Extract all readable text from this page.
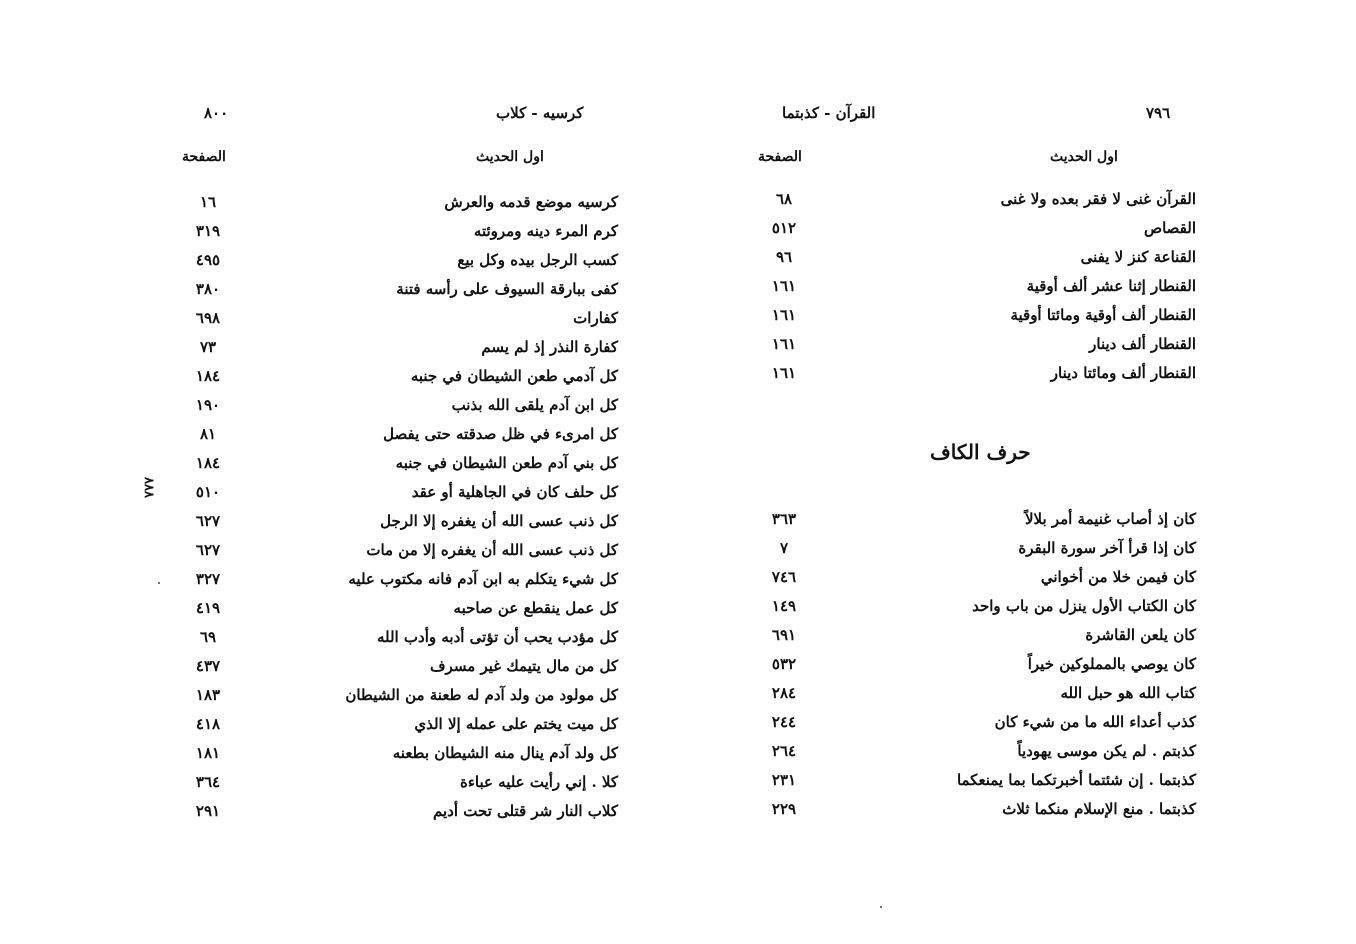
٧٩٦
القرآن - كذبتما
اول الحديث
الصفحة
القرآن غنى لا فقر بعده ولا غنى
٦٨
القصاص
٥١٢
القناعة كنز لا يفنى
٩٦
القنطار إثنا عشر ألف أوقية
١٦١
القنطار ألف أوقية ومائتا أوقية
١٦١
القنطار ألف دينار
١٦١
القنطار ألف ومائتا دينار
١٦١
حرف الكاف
كان إذ أصاب غنيمة أمر بلالاً
٣٦٣
كان إذا قرأ آخر سورة البقرة
٧
كان فيمن خلا من أخواني
٧٤٦
كان الكتاب الأول ينزل من باب واحد
١٤٩
كان يلعن القاشرة
٦٩١
كان يوصي بالمملوكين خيراً
٥٣٢
كتاب الله هو حبل الله
٢٨٤
كذب أعداء الله ما من شيء كان
٢٤٤
كذبتم . لم يكن موسى يهودياً
٢٦٤
كذبتما . إن شئتما أخبرتكما بما يمنعكما
٢٣١
كذبتما . منع الإسلام منكما ثلاث
٢٢٩
٨٠٠	كرسيه - كلاب
اول الحديث
الصفحة
كرسيه موضع قدمه والعرش
١٦
كرم المرء دينه ومروئته
٣١٩
كسب الرجل بيده وكل بيع
٤٩٥
كفى ببارقة السيوف على رأسه فتنة
٣٨٠
كفارات
٦٩٨
كفارة النذر إذ لم يسم
٧٣
كل آدمي طعن الشيطان في جنبه
١٨٤
كل ابن آدم يلقى الله بذنب
١٩٠
كل امرىء في ظل صدقته حتى يفصل
٨١
كل بني آدم طعن الشيطان في جنبه
١٨٤
كل حلف كان في الجاهلية أو عقد
٥١٠
كل ذنب عسى الله أن يغفره إلا الرجل
٦٢٧
كل ذنب عسى الله أن يغفره إلا من مات
٦٢٧
كل شيء يتكلم به ابن آدم فانه مكتوب عليه
٣٢٧
كل عمل ينقطع عن صاحبه
٤١٩
كل مؤدب يحب أن تؤتى أدبه وأدب الله
٦٩
كل من مال يتيمك غير مسرف
٤٣٧
كل مولود من ولد آدم له طعنة من الشيطان
١٨٣
كل ميت يختم على عمله إلا الذي
٤١٨
كل ولد آدم ينال منه الشيطان بطعنه
١٨١
كلا . إني رأيت عليه عباءة
٣٦٤
كلاب النار شر قتلى تحت أديم
٢٩١
٨٨٨
